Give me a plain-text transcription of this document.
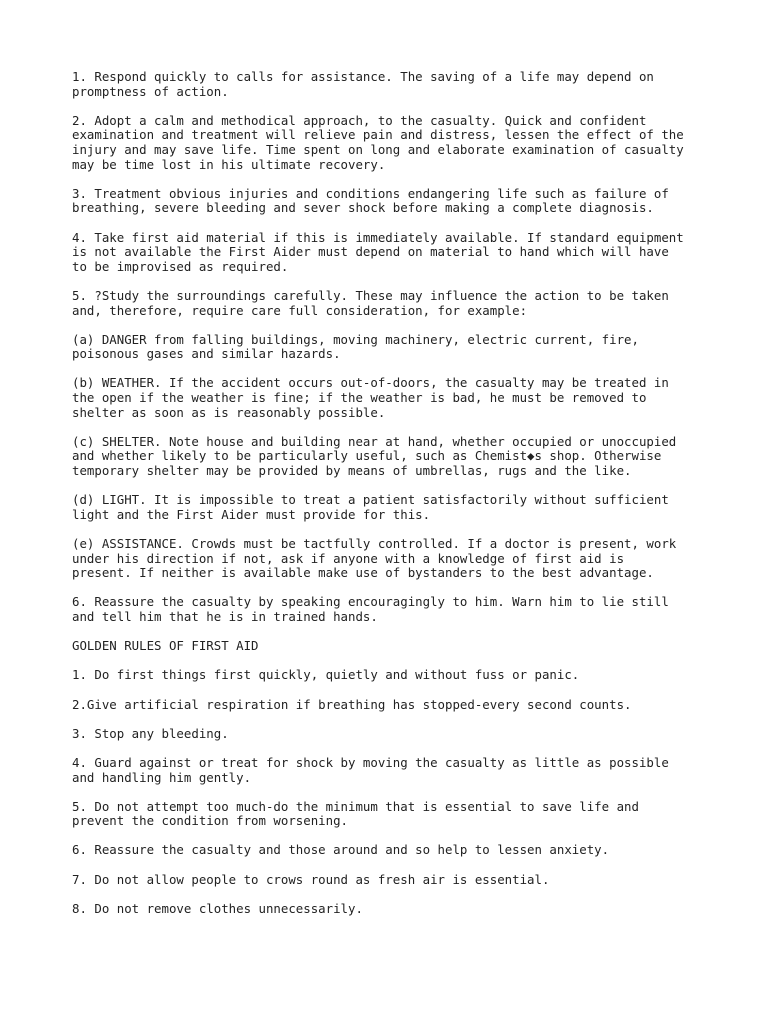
1. Respond quickly to calls for assistance. The saving of a life may depend on
promptness of action.

2. Adopt a calm and methodical approach, to the casualty. Quick and confident
examination and treatment will relieve pain and distress, lessen the effect of the
injury and may save life. Time spent on long and elaborate examination of casualty
may be time lost in his ultimate recovery.

3. Treatment obvious injuries and conditions endangering life such as failure of
breathing, severe bleeding and sever shock before making a complete diagnosis.

4. Take first aid material if this is immediately available. If standard equipment
is not available the First Aider must depend on material to hand which will have
to be improvised as required.

5. ?Study the surroundings carefully. These may influence the action to be taken
and, therefore, require care full consideration, for example:

(a) DANGER from falling buildings, moving machinery, electric current, fire,
poisonous gases and similar hazards.

(b) WEATHER. If the accident occurs out-of-doors, the casualty may be treated in
the open if the weather is fine; if the weather is bad, he must be removed to
shelter as soon as is reasonably possible.

(c) SHELTER. Note house and building near at hand, whether occupied or unoccupied
and whether likely to be particularly useful, such as Chemist◆s shop. Otherwise
temporary shelter may be provided by means of umbrellas, rugs and the like.

(d) LIGHT. It is impossible to treat a patient satisfactorily without sufficient
light and the First Aider must provide for this.

(e) ASSISTANCE. Crowds must be tactfully controlled. If a doctor is present, work
under his direction if not, ask if anyone with a knowledge of first aid is
present. If neither is available make use of bystanders to the best advantage.

6. Reassure the casualty by speaking encouragingly to him. Warn him to lie still
and tell him that he is in trained hands.

GOLDEN RULES OF FIRST AID

1. Do first things first quickly, quietly and without fuss or panic.

2.Give artificial respiration if breathing has stopped-every second counts.

3. Stop any bleeding.

4. Guard against or treat for shock by moving the casualty as little as possible
and handling him gently.

5. Do not attempt too much-do the minimum that is essential to save life and
prevent the condition from worsening.

6. Reassure the casualty and those around and so help to lessen anxiety.

7. Do not allow people to crows round as fresh air is essential.

8. Do not remove clothes unnecessarily.
